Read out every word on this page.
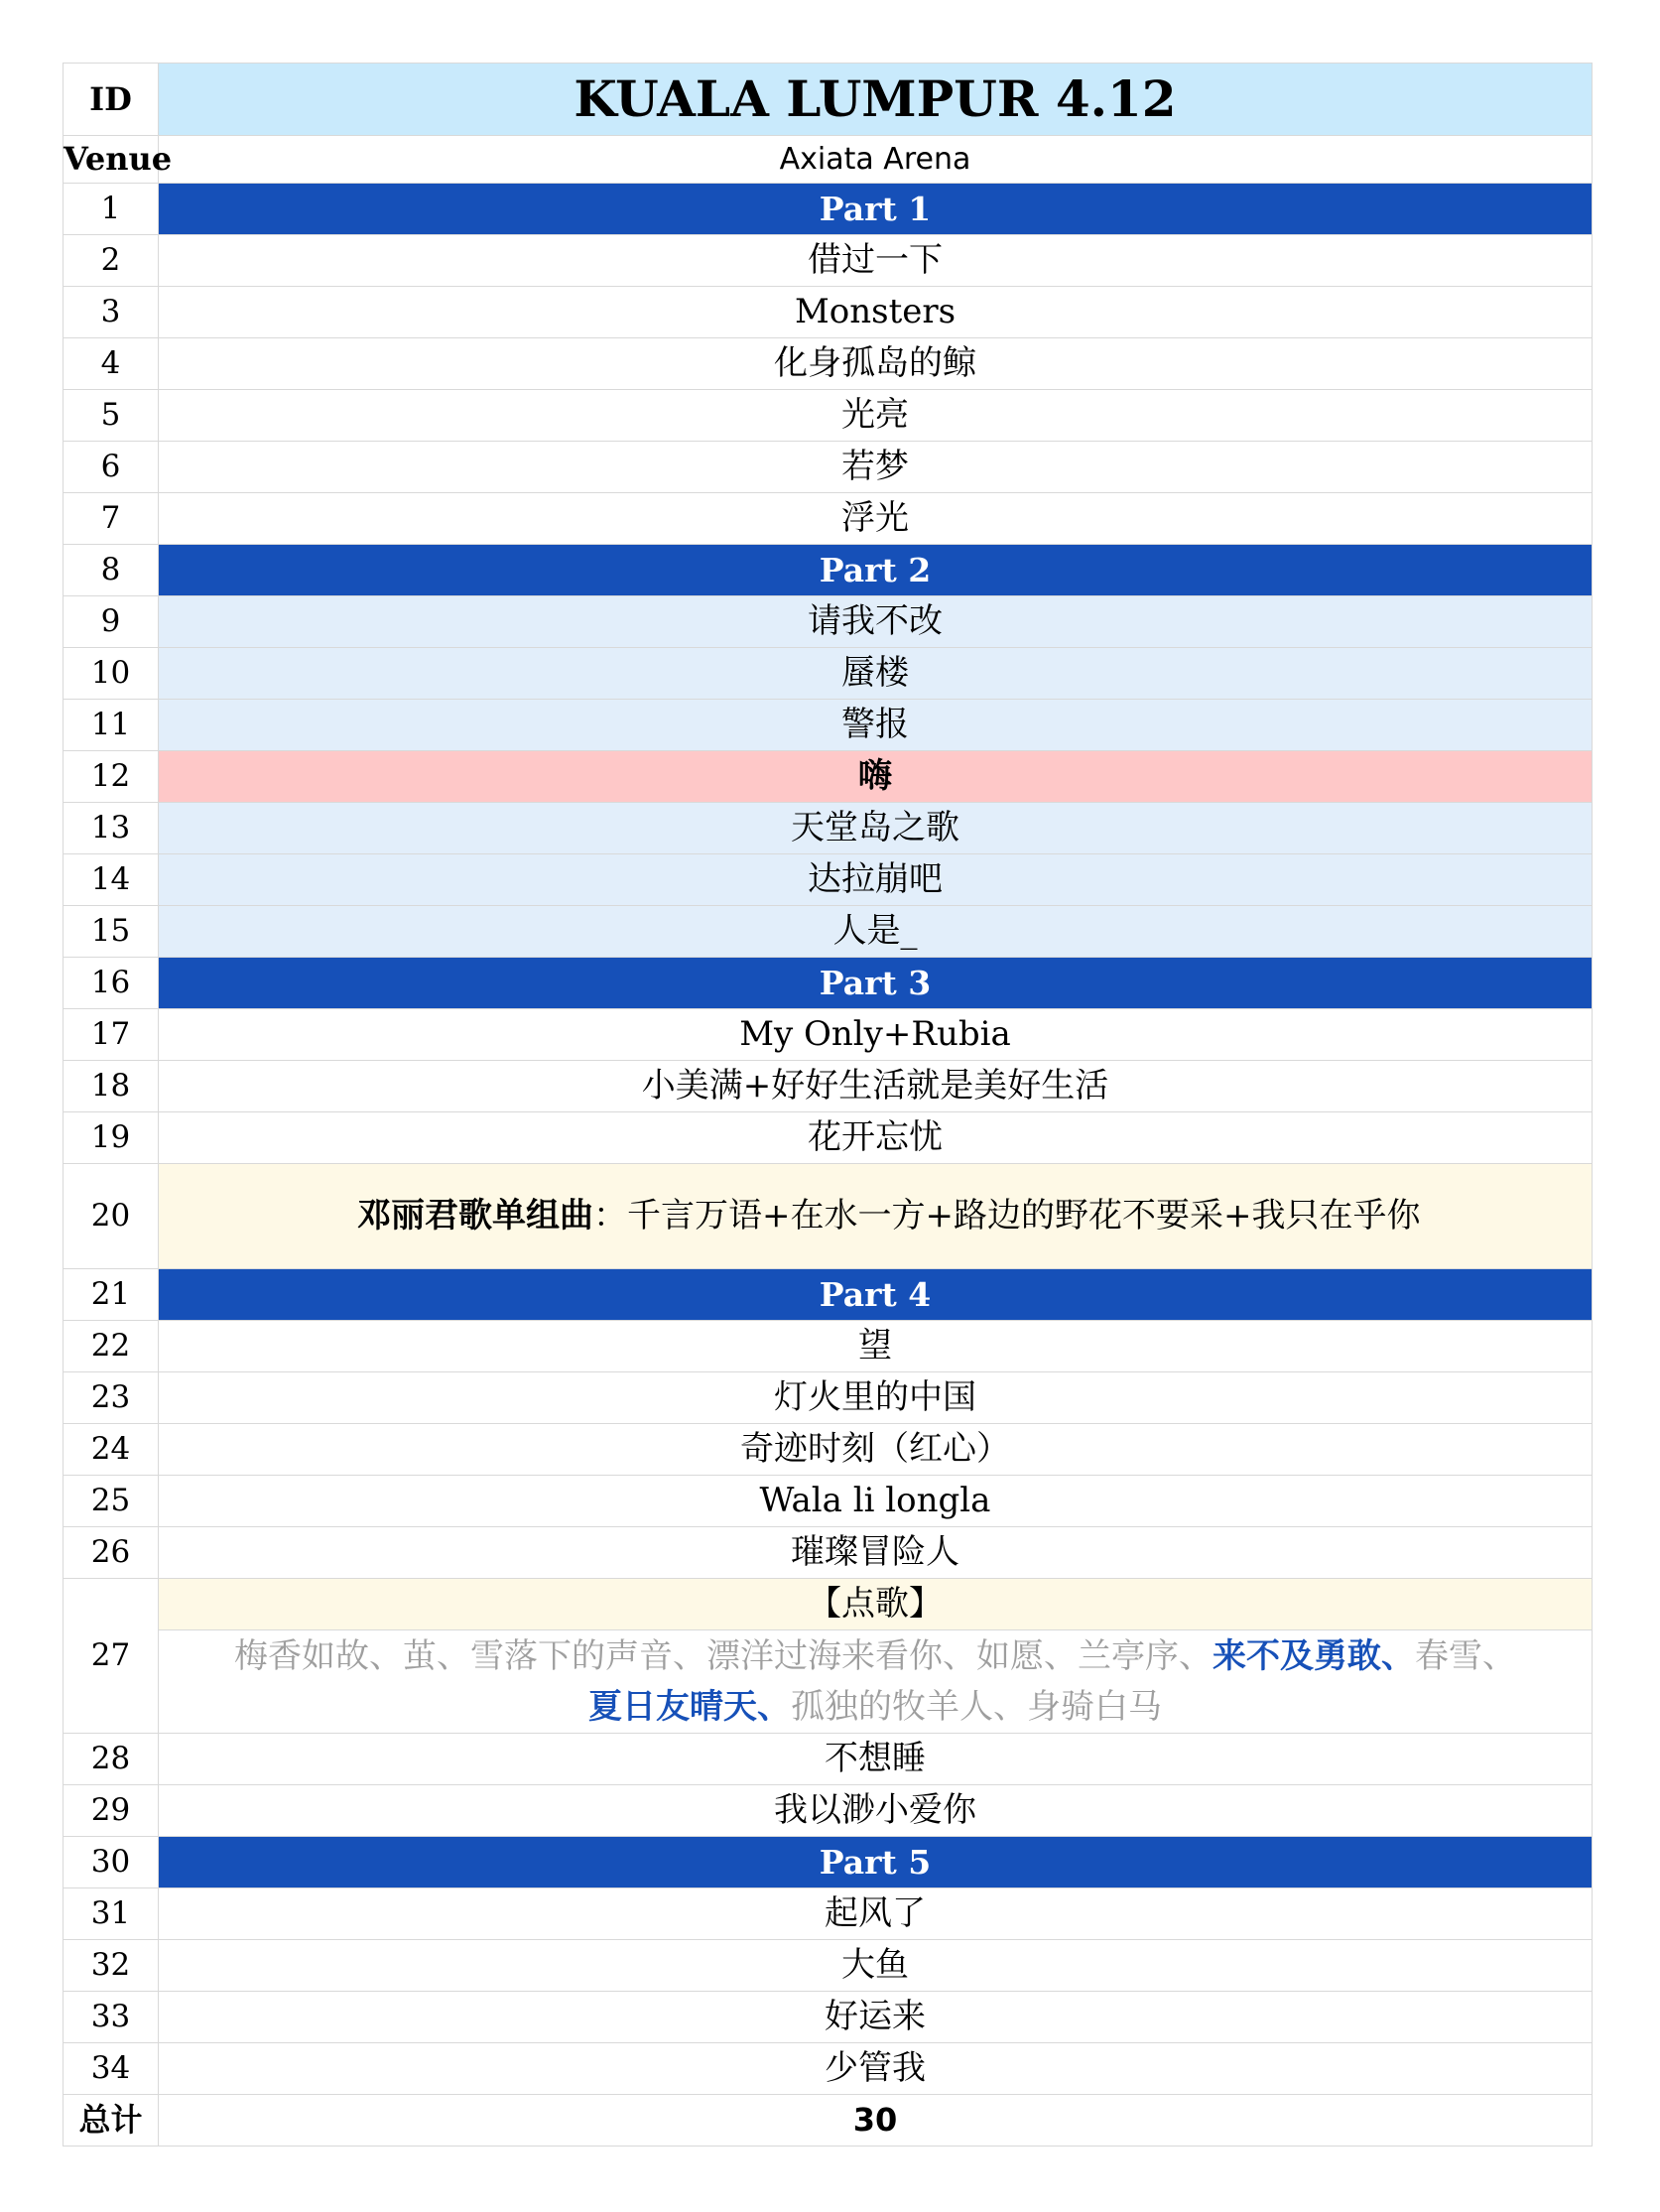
ID	KUALA LUMPUR 4.12
Venue	Axiata Arena
1	Part 1
2	借过一下
3	Monsters
4	化身孤岛的鲸
5	光亮
6	若梦
7	浮光
8	Part 2
9	请我不改
10	蜃楼
11	警报
12	嗨
13	天堂岛之歌
14	达拉崩吧
15	人是_
16	Part 3
17	My Only+Rubia
18	小美满+好好生活就是美好生活
19	花开忘忧
20	邓丽君歌单组曲：千言万语+在水一方+路边的野花不要采+我只在乎你
21	Part 4
22	望
23	灯火里的中国
24	奇迹时刻（红心）
25	Wala li longla
26	璀璨冒险人
27	【点歌】

	梅香如故、茧、雪落下的声音、漂洋过海来看你、如愿、兰亭序、来不及勇敢、春雪、
夏日友晴天、孤独的牧羊人、身骑白马

28	不想睡
29	我以渺小爱你
30	Part 5
31	起风了
32	大鱼
33	好运来
34	少管我
总计	30
